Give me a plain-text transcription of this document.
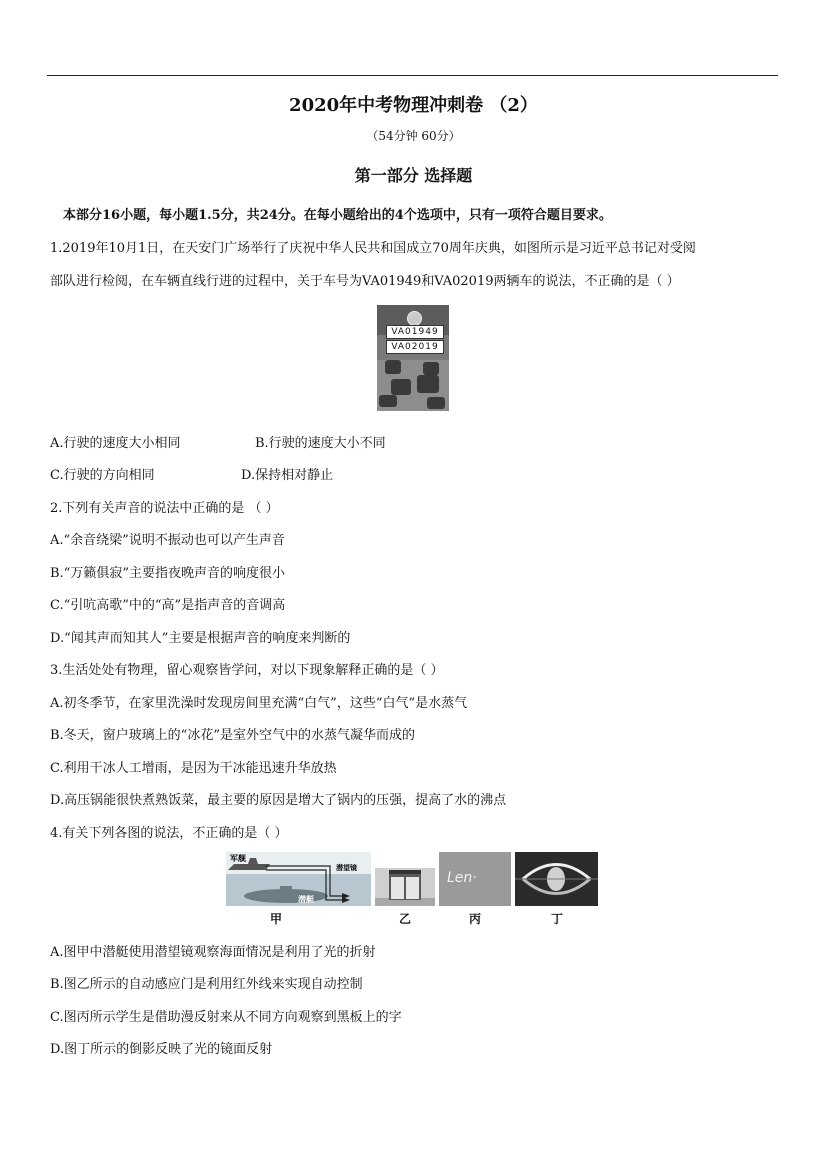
2020年中考物理冲刺卷 （2）
（54分钟 60分）
第一部分 选择题
本部分16小题，每小题1.5分，共24分。在每小题给出的4个选项中，只有一项符合题目要求。
1.2019年10月1日，在天安门广场举行了庆祝中华人民共和国成立70周年庆典，如图所示是习近平总书记对受阅
部队进行检阅，在车辆直线行进的过程中，关于车号为VA01949和VA02019两辆车的说法，不正确的是（ ）
VA01949
VA02019
A.行驶的速度大小相同	B.行驶的速度大小不同
C.行驶的方向相同	D.保持相对静止
2.下列有关声音的说法中正确的是 （ ）
A.“余音绕梁”说明不振动也可以产生声音
B.“万籁俱寂”主要指夜晚声音的响度很小
C.“引吭高歌”中的“高”是指声音的音调高
D.“闻其声而知其人”主要是根据声音的响度来判断的
3.生活处处有物理，留心观察皆学问，对以下现象解释正确的是（ ）
A.初冬季节，在家里洗澡时发现房间里充满“白气”，这些“白气”是水蒸气
B.冬天，窗户玻璃上的“冰花”是室外空气中的水蒸气凝华而成的
C.利用干冰人工增雨，是因为干冰能迅速升华放热
D.高压锅能很快煮熟饭菜，最主要的原因是增大了锅内的压强，提高了水的沸点
4.有关下列各图的说法，不正确的是（ ）
军舰
潜艇
潜望镜
Len·
甲	乙	丙	丁
A.图甲中潜艇使用潜望镜观察海面情况是利用了光的折射
B.图乙所示的自动感应门是利用红外线来实现自动控制
C.图丙所示学生是借助漫反射来从不同方向观察到黑板上的字
D.图丁所示的倒影反映了光的镜面反射
